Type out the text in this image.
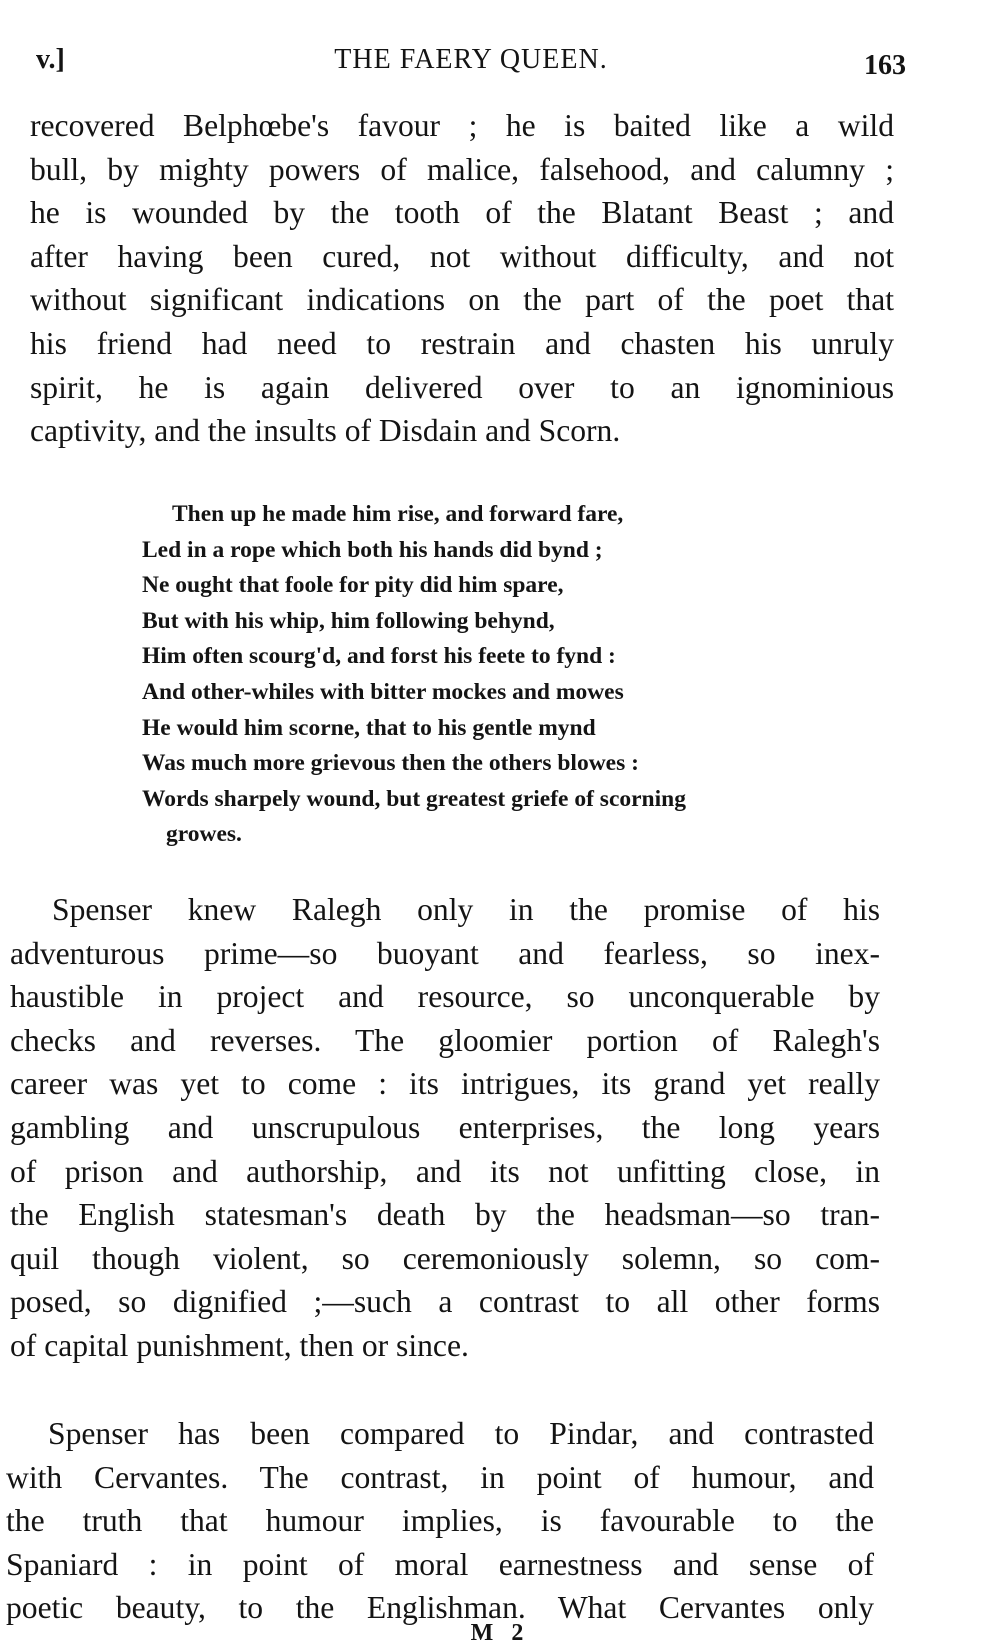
v.]	THE FAERY QUEEN.	163
recovered Belphœbe's favour ; he is baited like a wild
bull, by mighty powers of malice, falsehood, and calumny ;
he is wounded by the tooth of the Blatant Beast ; and
after having been cured, not without difficulty, and not
without significant indications on the part of the poet that
his friend had need to restrain and chasten his unruly
spirit, he is again delivered over to an ignominious
captivity, and the insults of Disdain and Scorn.
Then up he made him rise, and forward fare,
Led in a rope which both his hands did bynd ;
Ne ought that foole for pity did him spare,
But with his whip, him following behynd,
Him often scourg'd, and forst his feete to fynd :
And other-whiles with bitter mockes and mowes
He would him scorne, that to his gentle mynd
Was much more grievous then the others blowes :
Words sharpely wound, but greatest griefe of scorning
growes.
Spenser knew Ralegh only in the promise of his
adventurous prime—so buoyant and fearless, so inex-
haustible in project and resource, so unconquerable by
checks and reverses. The gloomier portion of Ralegh's
career was yet to come : its intrigues, its grand yet really
gambling and unscrupulous enterprises, the long years
of prison and authorship, and its not unfitting close, in
the English statesman's death by the headsman—so tran-
quil though violent, so ceremoniously solemn, so com-
posed, so dignified ;—such a contrast to all other forms
of capital punishment, then or since.
Spenser has been compared to Pindar, and contrasted
with Cervantes. The contrast, in point of humour, and
the truth that humour implies, is favourable to the
Spaniard : in point of moral earnestness and sense of
poetic beauty, to the Englishman. What Cervantes only
M 2
